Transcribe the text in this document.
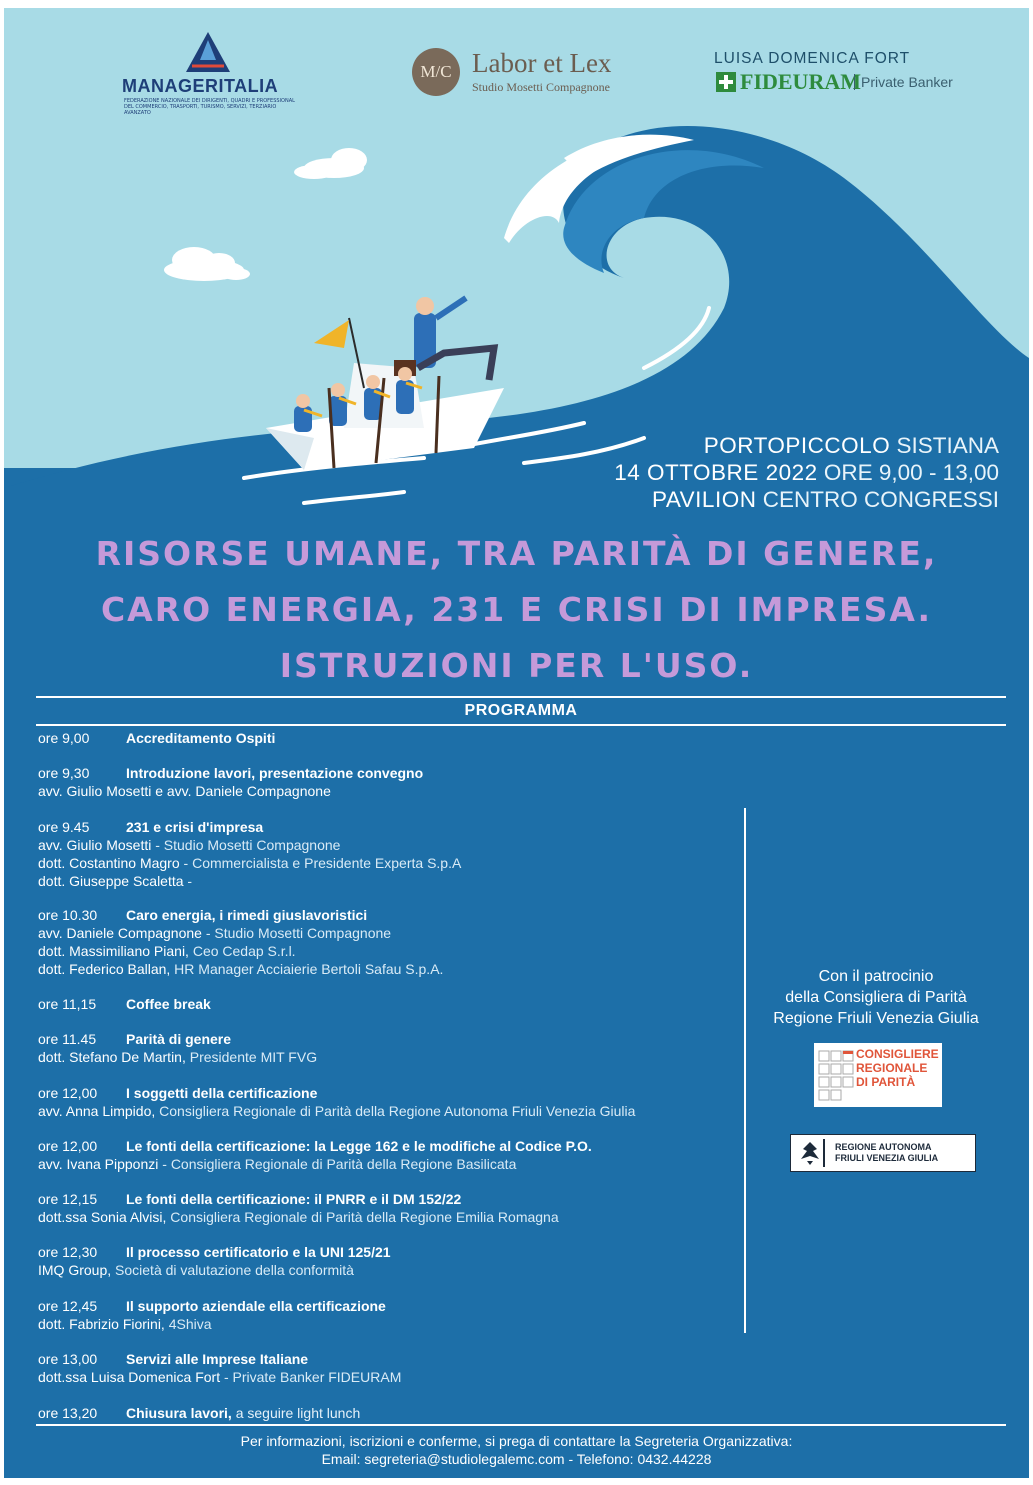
MANAGERITALIA
FEDERAZIONE NAZIONALE DEI DIRIGENTI, QUADRI E PROFESSIONAL DEL COMMERCIO, TRASPORTI, TURISMO, SERVIZI, TERZIARIO AVANZATO
M/C Labor et Lex
Studio Mosetti Compagnone
LUISA DOMENICA FORT
FIDEURAM Private Banker
PORTOPICCOLO SISTIANA
14 OTTOBRE 2022 ORE 9,00 - 13,00
PAVILION CENTRO CONGRESSI
RISORSE UMANE, TRA PARITÀ DI GENERE,
CARO ENERGIA, 231 E CRISI DI IMPRESA.
ISTRUZIONI PER L'USO.
PROGRAMMA
ore 9,00	Accreditamento Ospiti
ore 9,30	Introduzione lavori, presentazione convegno
avv. Giulio Mosetti e avv. Daniele Compagnone
ore 9.45	231 e crisi d'impresa
avv. Giulio Mosetti - Studio Mosetti Compagnone
dott. Costantino Magro - Commercialista e Presidente Experta S.p.A
dott. Giuseppe Scaletta -
ore 10.30 Caro energia, i rimedi giuslavoristici
avv. Daniele Compagnone - Studio Mosetti Compagnone
dott. Massimiliano Piani, Ceo Cedap S.r.l.
dott. Federico Ballan, HR Manager Acciaierie Bertoli Safau S.p.A.
ore 11,15 Coffee break
ore 11.45 Parità di genere
dott. Stefano De Martin, Presidente MIT FVG
ore 12,00 I soggetti della certificazione
avv. Anna Limpido, Consigliera Regionale di Parità della Regione Autonoma Friuli Venezia Giulia
ore 12,00 Le fonti della certificazione: la Legge 162 e le modifiche al Codice P.O.
avv. Ivana Pipponzi - Consigliera Regionale di Parità della Regione Basilicata
ore 12,15 Le fonti della certificazione: il PNRR e il DM 152/22
dott.ssa Sonia Alvisi, Consigliera Regionale di Parità della Regione Emilia Romagna
ore 12,30 Il processo certificatorio e la UNI 125/21
IMQ Group, Società di valutazione della conformità
ore 12,45 Il supporto aziendale ella certificazione
dott. Fabrizio Fiorini, 4Shiva
ore 13,00 Servizi alle Imprese Italiane
dott.ssa Luisa Domenica Fort - Private Banker FIDEURAM
ore 13,20 Chiusura lavori, a seguire light lunch
Con il patrocinio
della Consigliera di Parità
Regione Friuli Venezia Giulia
CONSIGLIERE
REGIONALE
DI PARITÀ
REGIONE AUTONOMA
FRIULI VENEZIA GIULIA
Per informazioni, iscrizioni e conferme, si prega di contattare la Segreteria Organizzativa:
Email: segreteria@studiolegalemc.com - Telefono: 0432.44228
